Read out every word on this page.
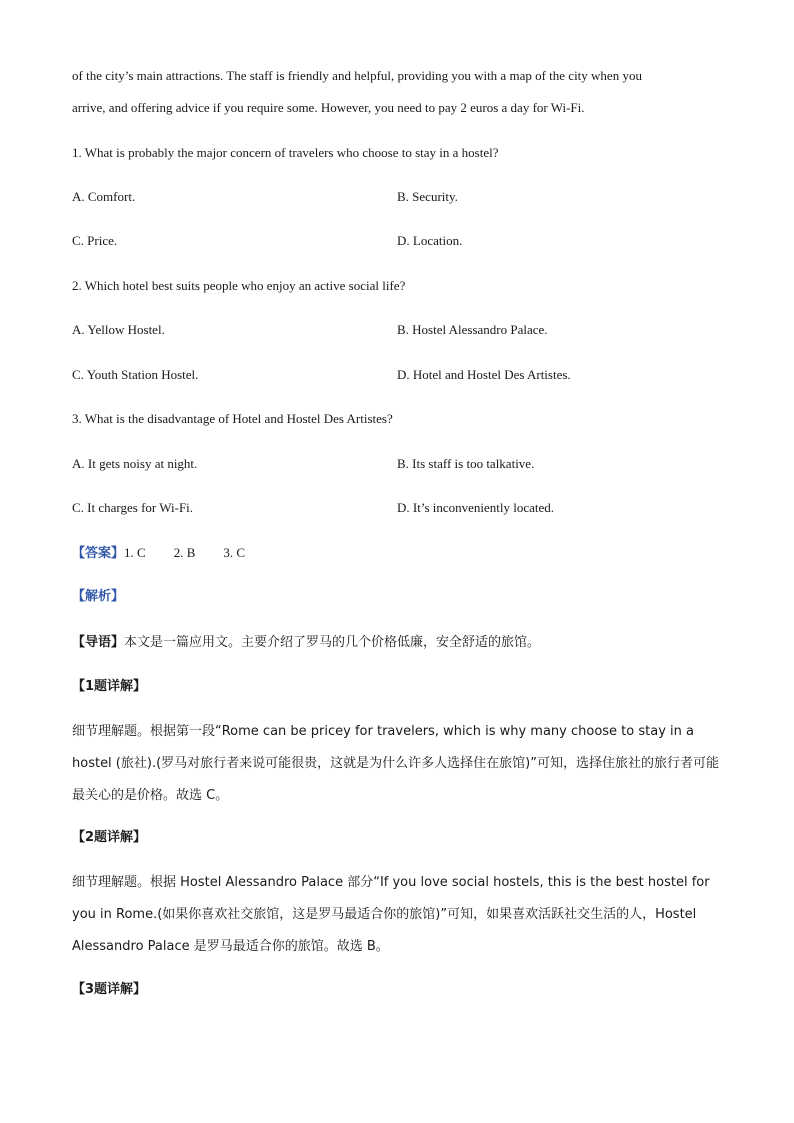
of the city’s main attractions. The staff is friendly and helpful, providing you with a map of the city when you
arrive, and offering advice if you require some. However, you need to pay 2 euros a day for Wi-Fi.
1. What is probably the major concern of travelers who choose to stay in a hostel?
A. Comfort.	B. Security.
C. Price.	D. Location.
2. Which hotel best suits people who enjoy an active social life?
A. Yellow Hostel.	B. Hostel Alessandro Palace.
C. Youth Station Hostel.	D. Hotel and Hostel Des Artistes.
3. What is the disadvantage of Hotel and Hostel Des Artistes?
A. It gets noisy at night.	B. Its staff is too talkative.
C. It charges for Wi-Fi.	D. It’s inconveniently located.
【答案】1. C 2. B 3. C
【解析】
【导语】本文是一篇应用文。主要介绍了罗马的几个价格低廉，安全舒适的旅馆。
【1题详解】
细节理解题。根据第一段“Rome can be pricey for travelers, which is why many choose to stay in a hostel (旅社).(罗马对旅行者来说可能很贵，这就是为什么许多人选择住在旅馆)”可知，选择住旅社的旅行者可能最关心的是价格。故选 C。
【2题详解】
细节理解题。根据 Hostel Alessandro Palace 部分“If you love social hostels, this is the best hostel for you in Rome.(如果你喜欢社交旅馆，这是罗马最适合你的旅馆)”可知，如果喜欢活跃社交生活的人，Hostel Alessandro Palace 是罗马最适合你的旅馆。故选 B。
【3题详解】
